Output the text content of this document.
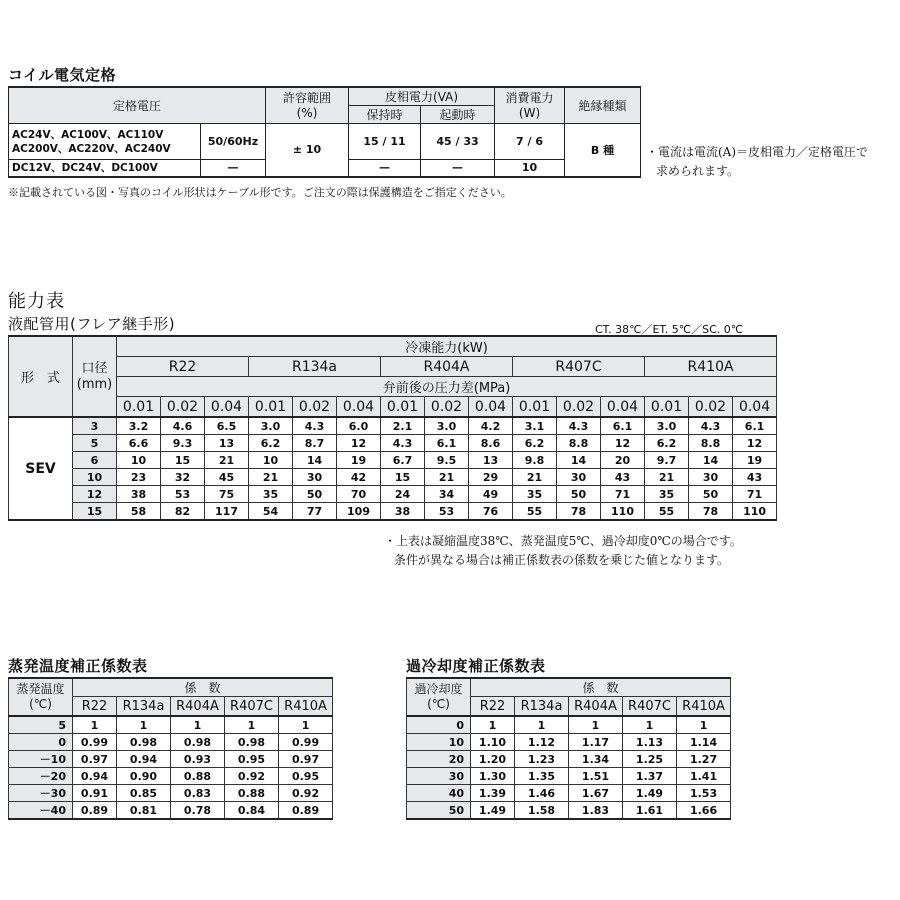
コイル電気定格
定格電圧		許容範囲
(%)	皮相電力(VA)		消費電力
(W)	絶縁種類
			保持時	起動時		

AC24V、AC100V、AC110V
AC200V、AC220V、AC240V	50/60Hz	± 10	15 / 11	45 / 33	7 / 6	B 種
DC12V、DC24V、DC100V	—		—	—	10	
※記載されている図・写真のコイル形状はケーブル形です。ご注文の際は保護構造をご指定ください。
・電流は電流(A)＝皮相電力／定格電圧で
求められます。
能力表
液配管用(フレア継手形)	CT. 38℃／ET. 5℃／SC. 0℃
形　式	口径
(mm)	冷凍能力(kW)														
		R22			R134a			R404A			R407C			R410A		
		弁前後の圧力差(MPa)														
		0.01	0.02	0.04	0.01	0.02	0.04	0.01	0.02	0.04	0.01	0.02	0.04	0.01	0.02	0.04
SEV	3	3.2	4.6	6.5	3.0	4.3	6.0	2.1	3.0	4.2	3.1	4.3	6.1	3.0	4.3	6.1
	5	6.6	9.3	13	6.2	8.7	12	4.3	6.1	8.6	6.2	8.8	12	6.2	8.8	12
	6	10	15	21	10	14	19	6.7	9.5	13	9.8	14	20	9.7	14	19
	10	23	32	45	21	30	42	15	21	29	21	30	43	21	30	43
	12	38	53	75	35	50	70	24	34	49	35	50	71	35	50	71
	15	58	82	117	54	77	109	38	53	76	55	78	110	55	78	110
・上表は凝縮温度38℃、蒸発温度5℃、過冷却度0℃の場合です。
条件が異なる場合は補正係数表の係数を乗じた値となります。
蒸発温度補正係数表
蒸発温度
(℃)	係　数				
	R22	R134a	R404A	R407C	R410A
5	1	1	1	1	1
0	0.99	0.98	0.98	0.98	0.99
－10	0.97	0.94	0.93	0.95	0.97
－20	0.94	0.90	0.88	0.92	0.95
－30	0.91	0.85	0.83	0.88	0.92
－40	0.89	0.81	0.78	0.84	0.89
過冷却度補正係数表
過冷却度
(℃)	係　数				
	R22	R134a	R404A	R407C	R410A
0	1	1	1	1	1
10	1.10	1.12	1.17	1.13	1.14
20	1.20	1.23	1.34	1.25	1.27
30	1.30	1.35	1.51	1.37	1.41
40	1.39	1.46	1.67	1.49	1.53
50	1.49	1.58	1.83	1.61	1.66
